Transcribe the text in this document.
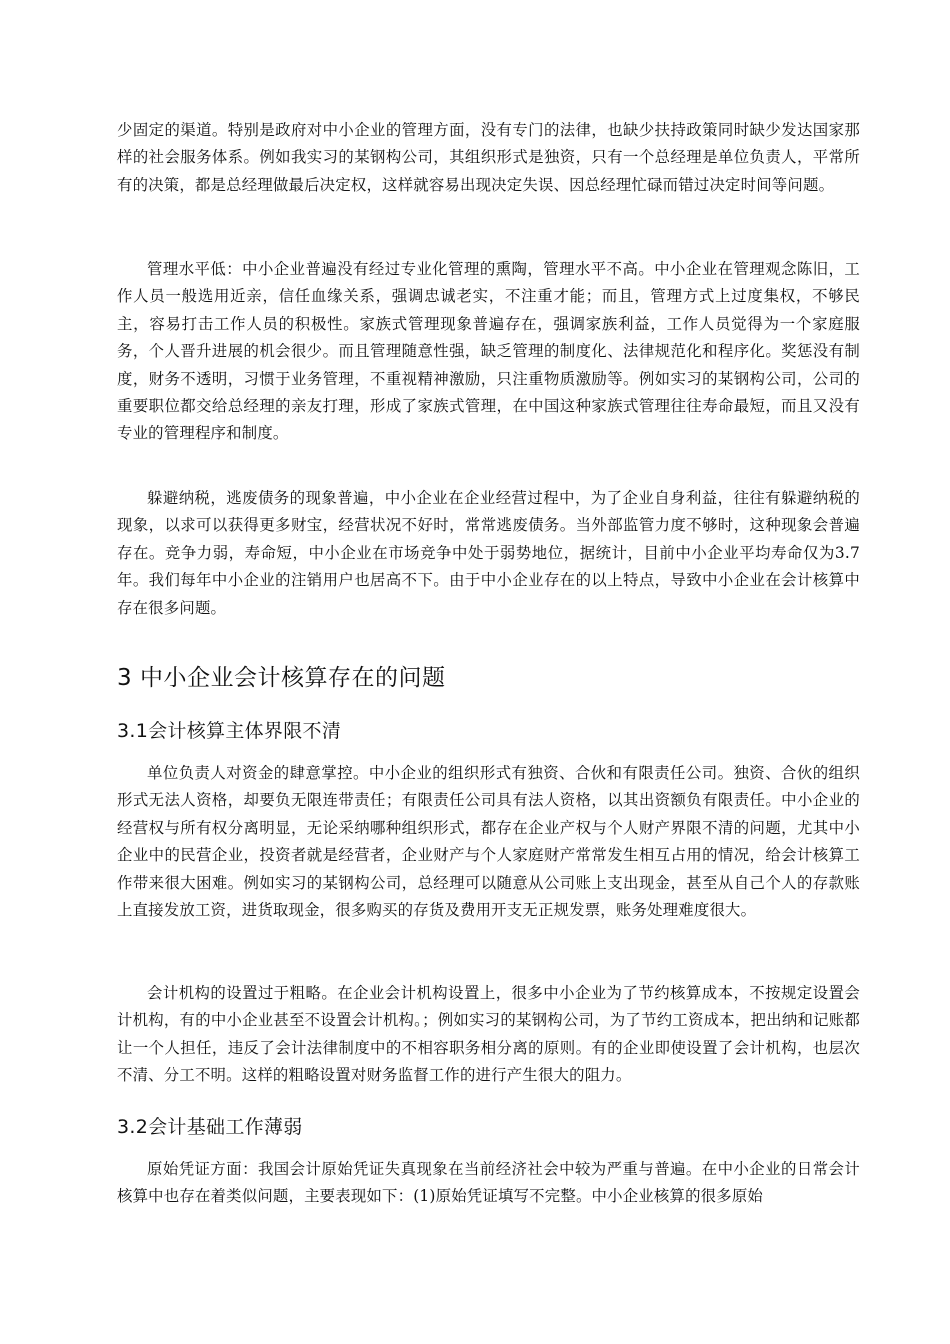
少固定的渠道。特别是政府对中小企业的管理方面，没有专门的法律，也缺少扶持政策同时缺少发达国家那样的社会服务体系。例如我实习的某钢构公司，其组织形式是独资，只有一个总经理是单位负责人，平常所有的决策，都是总经理做最后决定权，这样就容易出现决定失误、因总经理忙碌而错过决定时间等问题。

管理水平低：中小企业普遍没有经过专业化管理的熏陶，管理水平不高。中小企业在管理观念陈旧，工作人员一般选用近亲，信任血缘关系，强调忠诚老实，不注重才能；而且，管理方式上过度集权，不够民主，容易打击工作人员的积极性。家族式管理现象普遍存在，强调家族利益，工作人员觉得为一个家庭服务，个人晋升进展的机会很少。而且管理随意性强，缺乏管理的制度化、法律规范化和程序化。奖惩没有制度，财务不透明，习惯于业务管理，不重视精神激励，只注重物质激励等。例如实习的某钢构公司，公司的重要职位都交给总经理的亲友打理，形成了家族式管理，在中国这种家族式管理往往寿命最短，而且又没有专业的管理程序和制度。

躲避纳税，逃废债务的现象普遍，中小企业在企业经营过程中，为了企业自身利益，往往有躲避纳税的现象，以求可以获得更多财宝，经营状况不好时，常常逃废债务。当外部监管力度不够时，这种现象会普遍存在。竞争力弱，寿命短，中小企业在市场竞争中处于弱势地位，据统计，目前中小企业平均寿命仅为3.7年。我们每年中小企业的注销用户也居高不下。由于中小企业存在的以上特点，导致中小企业在会计核算中存在很多问题。

3 中小企业会计核算存在的问题
3.1会计核算主体界限不清

单位负责人对资金的肆意掌控。中小企业的组织形式有独资、合伙和有限责任公司。独资、合伙的组织形式无法人资格，却要负无限连带责任；有限责任公司具有法人资格，以其出资额负有限责任。中小企业的经营权与所有权分离明显，无论采纳哪种组织形式，都存在企业产权与个人财产界限不清的问题，尤其中小企业中的民营企业，投资者就是经营者，企业财产与个人家庭财产常常发生相互占用的情况，给会计核算工作带来很大困难。例如实习的某钢构公司，总经理可以随意从公司账上支出现金，甚至从自己个人的存款账上直接发放工资，进货取现金，很多购买的存货及费用开支无正规发票，账务处理难度很大。

会计机构的设置过于粗略。在企业会计机构设置上，很多中小企业为了节约核算成本，不按规定设置会计机构，有的中小企业甚至不设置会计机构。；例如实习的某钢构公司，为了节约工资成本，把出纳和记账都让一个人担任，违反了会计法律制度中的不相容职务相分离的原则。有的企业即使设置了会计机构，也层次不清、分工不明。这样的粗略设置对财务监督工作的进行产生很大的阻力。

3.2会计基础工作薄弱

原始凭证方面：我国会计原始凭证失真现象在当前经济社会中较为严重与普遍。在中小企业的日常会计核算中也存在着类似问题，主要表现如下：(1)原始凭证填写不完整。中小企业核算的很多原始
